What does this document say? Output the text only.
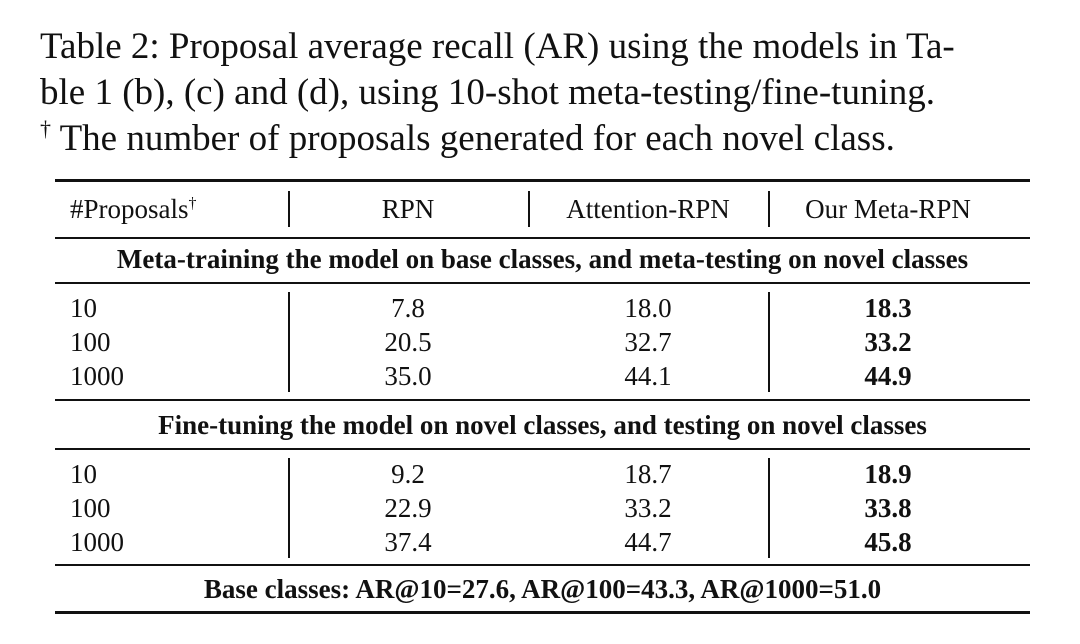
Table 2: Proposal average recall (AR) using the models in Ta-
ble 1 (b), (c) and (d), using 10-shot meta-testing/fine-tuning.
† The number of proposals generated for each novel class.
#Proposals†	RPN	Attention-RPN	Our Meta-RPN
Meta-training the model on base classes, and meta-testing on novel classes
10	7.8	18.0	18.3
100	20.5	32.7	33.2
1000	35.0	44.1	44.9
Fine-tuning the model on novel classes, and testing on novel classes
10	9.2	18.7	18.9
100	22.9	33.2	33.8
1000	37.4	44.7	45.8
Base classes: AR@10=27.6, AR@100=43.3, AR@1000=51.0
